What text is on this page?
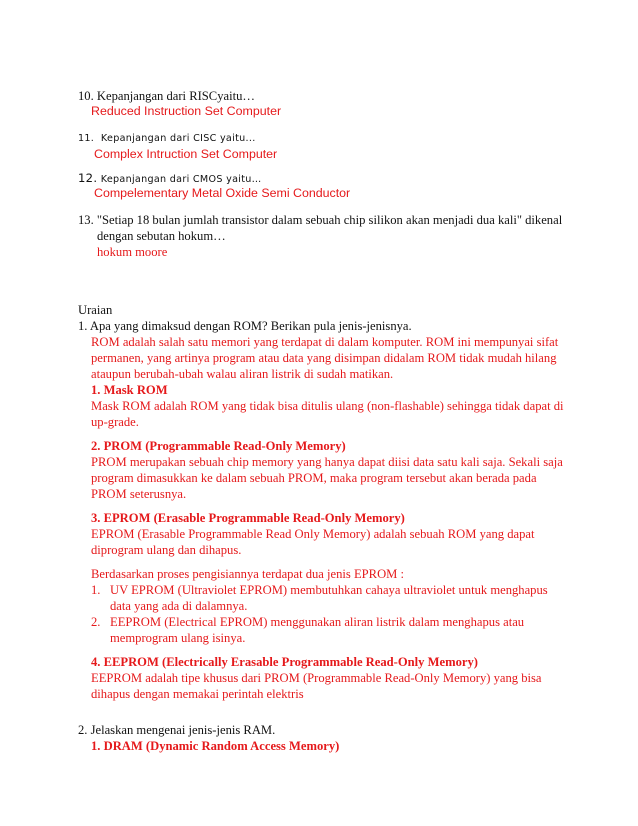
10. Kepanjangan dari RISCyaitu…
Reduced Instruction Set Computer
11. Kepanjangan dari CISC yaitu...
Complex Intruction Set Computer
12. Kepanjangan dari CMOS yaitu…
Compelementary Metal Oxide Semi Conductor
13. "Setiap 18 bulan jumlah transistor dalam sebuah chip silikon akan menjadi dua kali" dikenal
dengan sebutan hokum…
hokum moore
Uraian
1. Apa yang dimaksud dengan ROM? Berikan pula jenis-jenisnya.
ROM adalah salah satu memori yang terdapat di dalam komputer. ROM ini mempunyai sifat
permanen, yang artinya program atau data yang disimpan didalam ROM tidak mudah hilang
ataupun berubah-ubah walau aliran listrik di sudah matikan.
1. Mask ROM
Mask ROM adalah ROM yang tidak bisa ditulis ulang (non-flashable) sehingga tidak dapat di
up-grade.
2. PROM (Programmable Read-Only Memory)
PROM merupakan sebuah chip memory yang hanya dapat diisi data satu kali saja. Sekali saja
program dimasukkan ke dalam sebuah PROM, maka program tersebut akan berada pada
PROM seterusnya.
3. EPROM (Erasable Programmable Read-Only Memory)
EPROM (Erasable Programmable Read Only Memory) adalah sebuah ROM yang dapat
diprogram ulang dan dihapus.
Berdasarkan proses pengisiannya terdapat dua jenis EPROM :
1. UV EPROM (Ultraviolet EPROM) membutuhkan cahaya ultraviolet untuk menghapus
data yang ada di dalamnya.
2. EEPROM (Electrical EPROM) menggunakan aliran listrik dalam menghapus atau
memprogram ulang isinya.
4. EEPROM (Electrically Erasable Programmable Read-Only Memory)
EEPROM adalah tipe khusus dari PROM (Programmable Read-Only Memory) yang bisa
dihapus dengan memakai perintah elektris
2. Jelaskan mengenai jenis-jenis RAM.
1. DRAM (Dynamic Random Access Memory)
